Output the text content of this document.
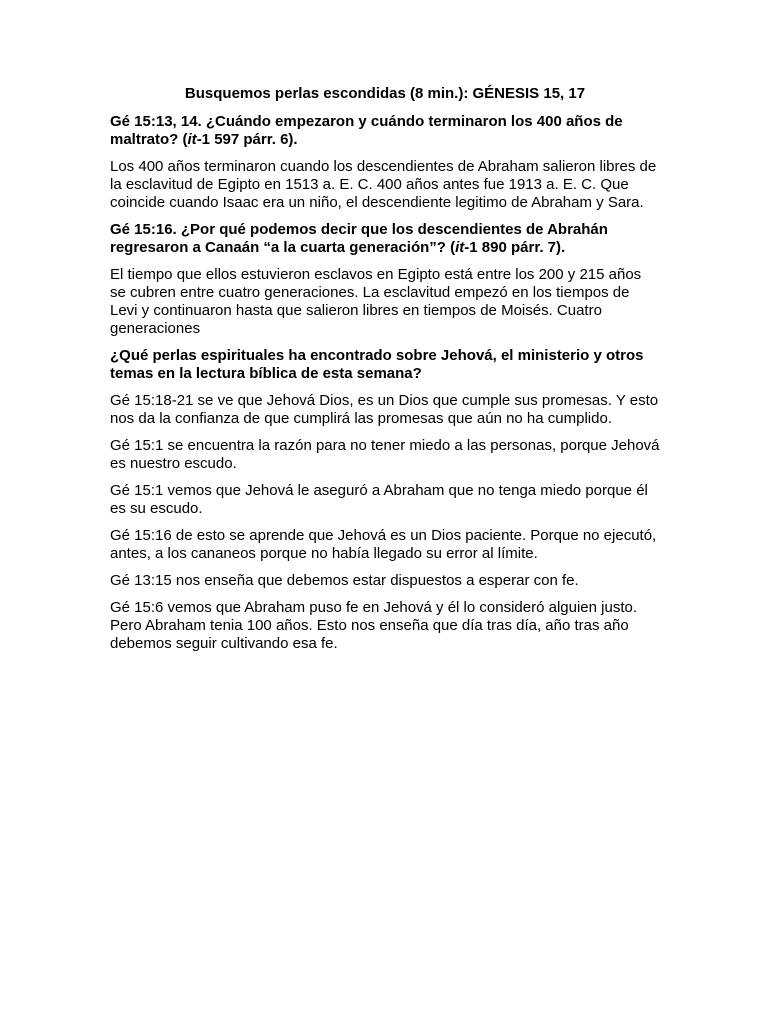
Busquemos perlas escondidas (8 min.): GÉNESIS 15, 17

Gé 15:13, 14. ¿Cuándo empezaron y cuándo terminaron los 400 años de maltrato? (it-1 597 párr. 6).

Los 400 años terminaron cuando los descendientes de Abraham salieron libres de la esclavitud de Egipto en 1513 a. E. C. 400 años antes fue 1913 a. E. C. Que coincide cuando Isaac era un niño, el descendiente legitimo de Abraham y Sara.

Gé 15:16. ¿Por qué podemos decir que los descendientes de Abrahán regresaron a Canaán “a la cuarta generación”? (it-1 890 párr. 7).

El tiempo que ellos estuvieron esclavos en Egipto está entre los 200 y 215 años se cubren entre cuatro generaciones. La esclavitud empezó en los tiempos de Levi y continuaron hasta que salieron libres en tiempos de Moisés. Cuatro generaciones

¿Qué perlas espirituales ha encontrado sobre Jehová, el ministerio y otros temas en la lectura bíblica de esta semana?

Gé 15:18-21 se ve que Jehová Dios, es un Dios que cumple sus promesas. Y esto nos da la confianza de que cumplirá las promesas que aún no ha cumplido.

Gé 15:1 se encuentra la razón para no tener miedo a las personas, porque Jehová es nuestro escudo.

Gé 15:1 vemos que Jehová le aseguró a Abraham que no tenga miedo porque él es su escudo.

Gé 15:16 de esto se aprende que Jehová es un Dios paciente. Porque no ejecutó, antes, a los cananeos porque no había llegado su error al límite.

Gé 13:15 nos enseña que debemos estar dispuestos a esperar con fe.

Gé 15:6 vemos que Abraham puso fe en Jehová y él lo consideró alguien justo. Pero Abraham tenia 100 años. Esto nos enseña que día tras día, año tras año debemos seguir cultivando esa fe.
